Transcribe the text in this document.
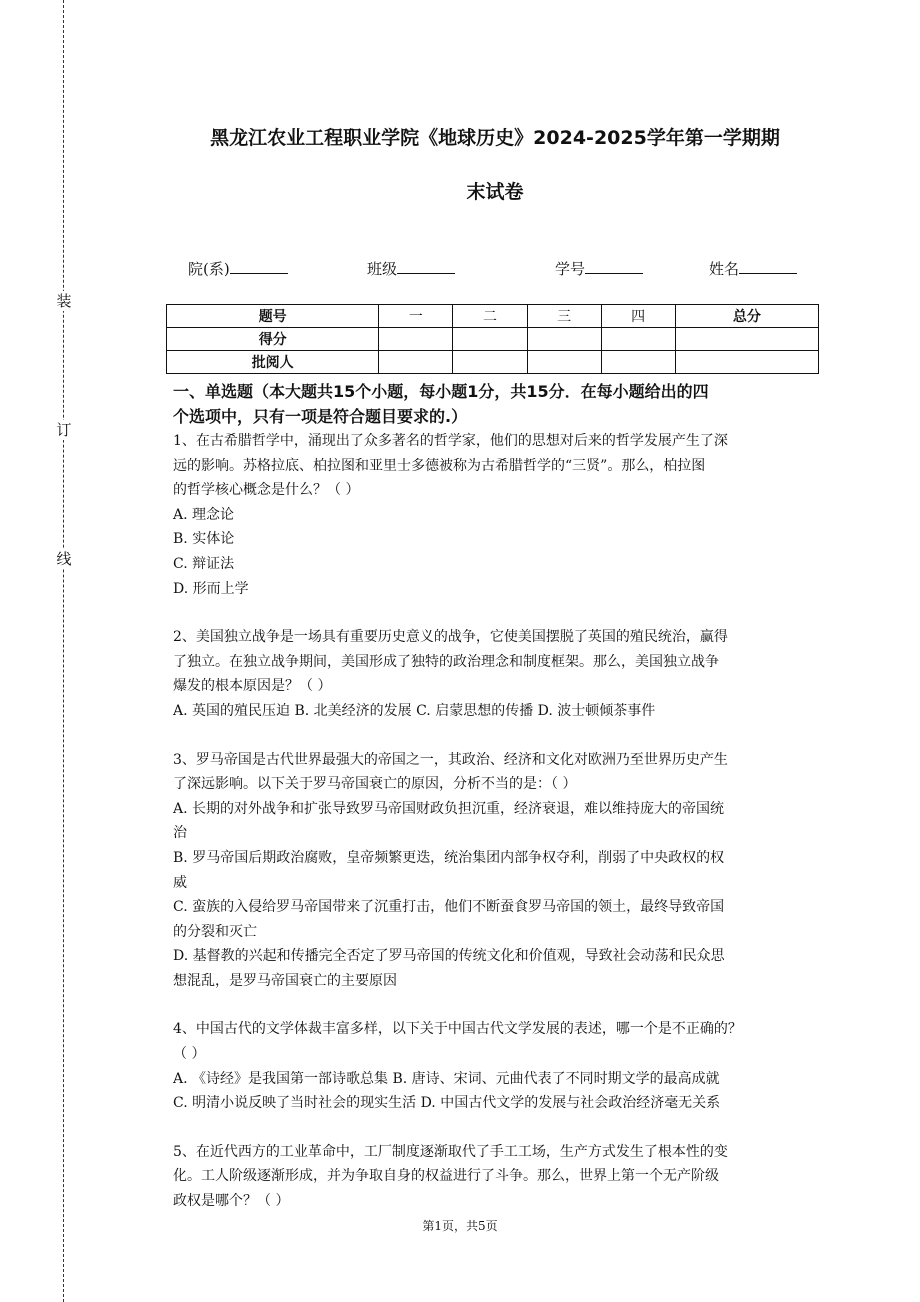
装
订
线
黑龙江农业工程职业学院《地球历史》2024-2025学年第一学期期
末试卷
院(系)	班级	学号	姓名
题号	一	二	三	四	总分
得分					
批阅人					

一、单选题（本大题共15个小题，每小题1分，共15分．在每小题给出的四

个选项中，只有一项是符合题目要求的.）

1、在古希腊哲学中，涌现出了众多著名的哲学家，他们的思想对后来的哲学发展产生了深

远的影响。苏格拉底、柏拉图和亚里士多德被称为古希腊哲学的“三贤”。那么，柏拉图

的哲学核心概念是什么？（ ）

A. 理念论

B. 实体论

C. 辩证法

D. 形而上学

2、美国独立战争是一场具有重要历史意义的战争，它使美国摆脱了英国的殖民统治，赢得

了独立。在独立战争期间，美国形成了独特的政治理念和制度框架。那么，美国独立战争

爆发的根本原因是？（ ）

A. 英国的殖民压迫 B. 北美经济的发展 C. 启蒙思想的传播 D. 波士顿倾茶事件

3、罗马帝国是古代世界最强大的帝国之一，其政治、经济和文化对欧洲乃至世界历史产生

了深远影响。以下关于罗马帝国衰亡的原因，分析不当的是：（ ）

A. 长期的对外战争和扩张导致罗马帝国财政负担沉重，经济衰退，难以维持庞大的帝国统

治

B. 罗马帝国后期政治腐败，皇帝频繁更迭，统治集团内部争权夺利，削弱了中央政权的权

威

C. 蛮族的入侵给罗马帝国带来了沉重打击，他们不断蚕食罗马帝国的领土，最终导致帝国

的分裂和灭亡

D. 基督教的兴起和传播完全否定了罗马帝国的传统文化和价值观，导致社会动荡和民众思

想混乱，是罗马帝国衰亡的主要原因

4、中国古代的文学体裁丰富多样，以下关于中国古代文学发展的表述，哪一个是不正确的？

（ ）

A. 《诗经》是我国第一部诗歌总集 B. 唐诗、宋词、元曲代表了不同时期文学的最高成就

C. 明清小说反映了当时社会的现实生活 D. 中国古代文学的发展与社会政治经济毫无关系

5、在近代西方的工业革命中，工厂制度逐渐取代了手工工场，生产方式发生了根本性的变

化。工人阶级逐渐形成，并为争取自身的权益进行了斗争。那么，世界上第一个无产阶级

政权是哪个？（ ）

第1页，共5页
